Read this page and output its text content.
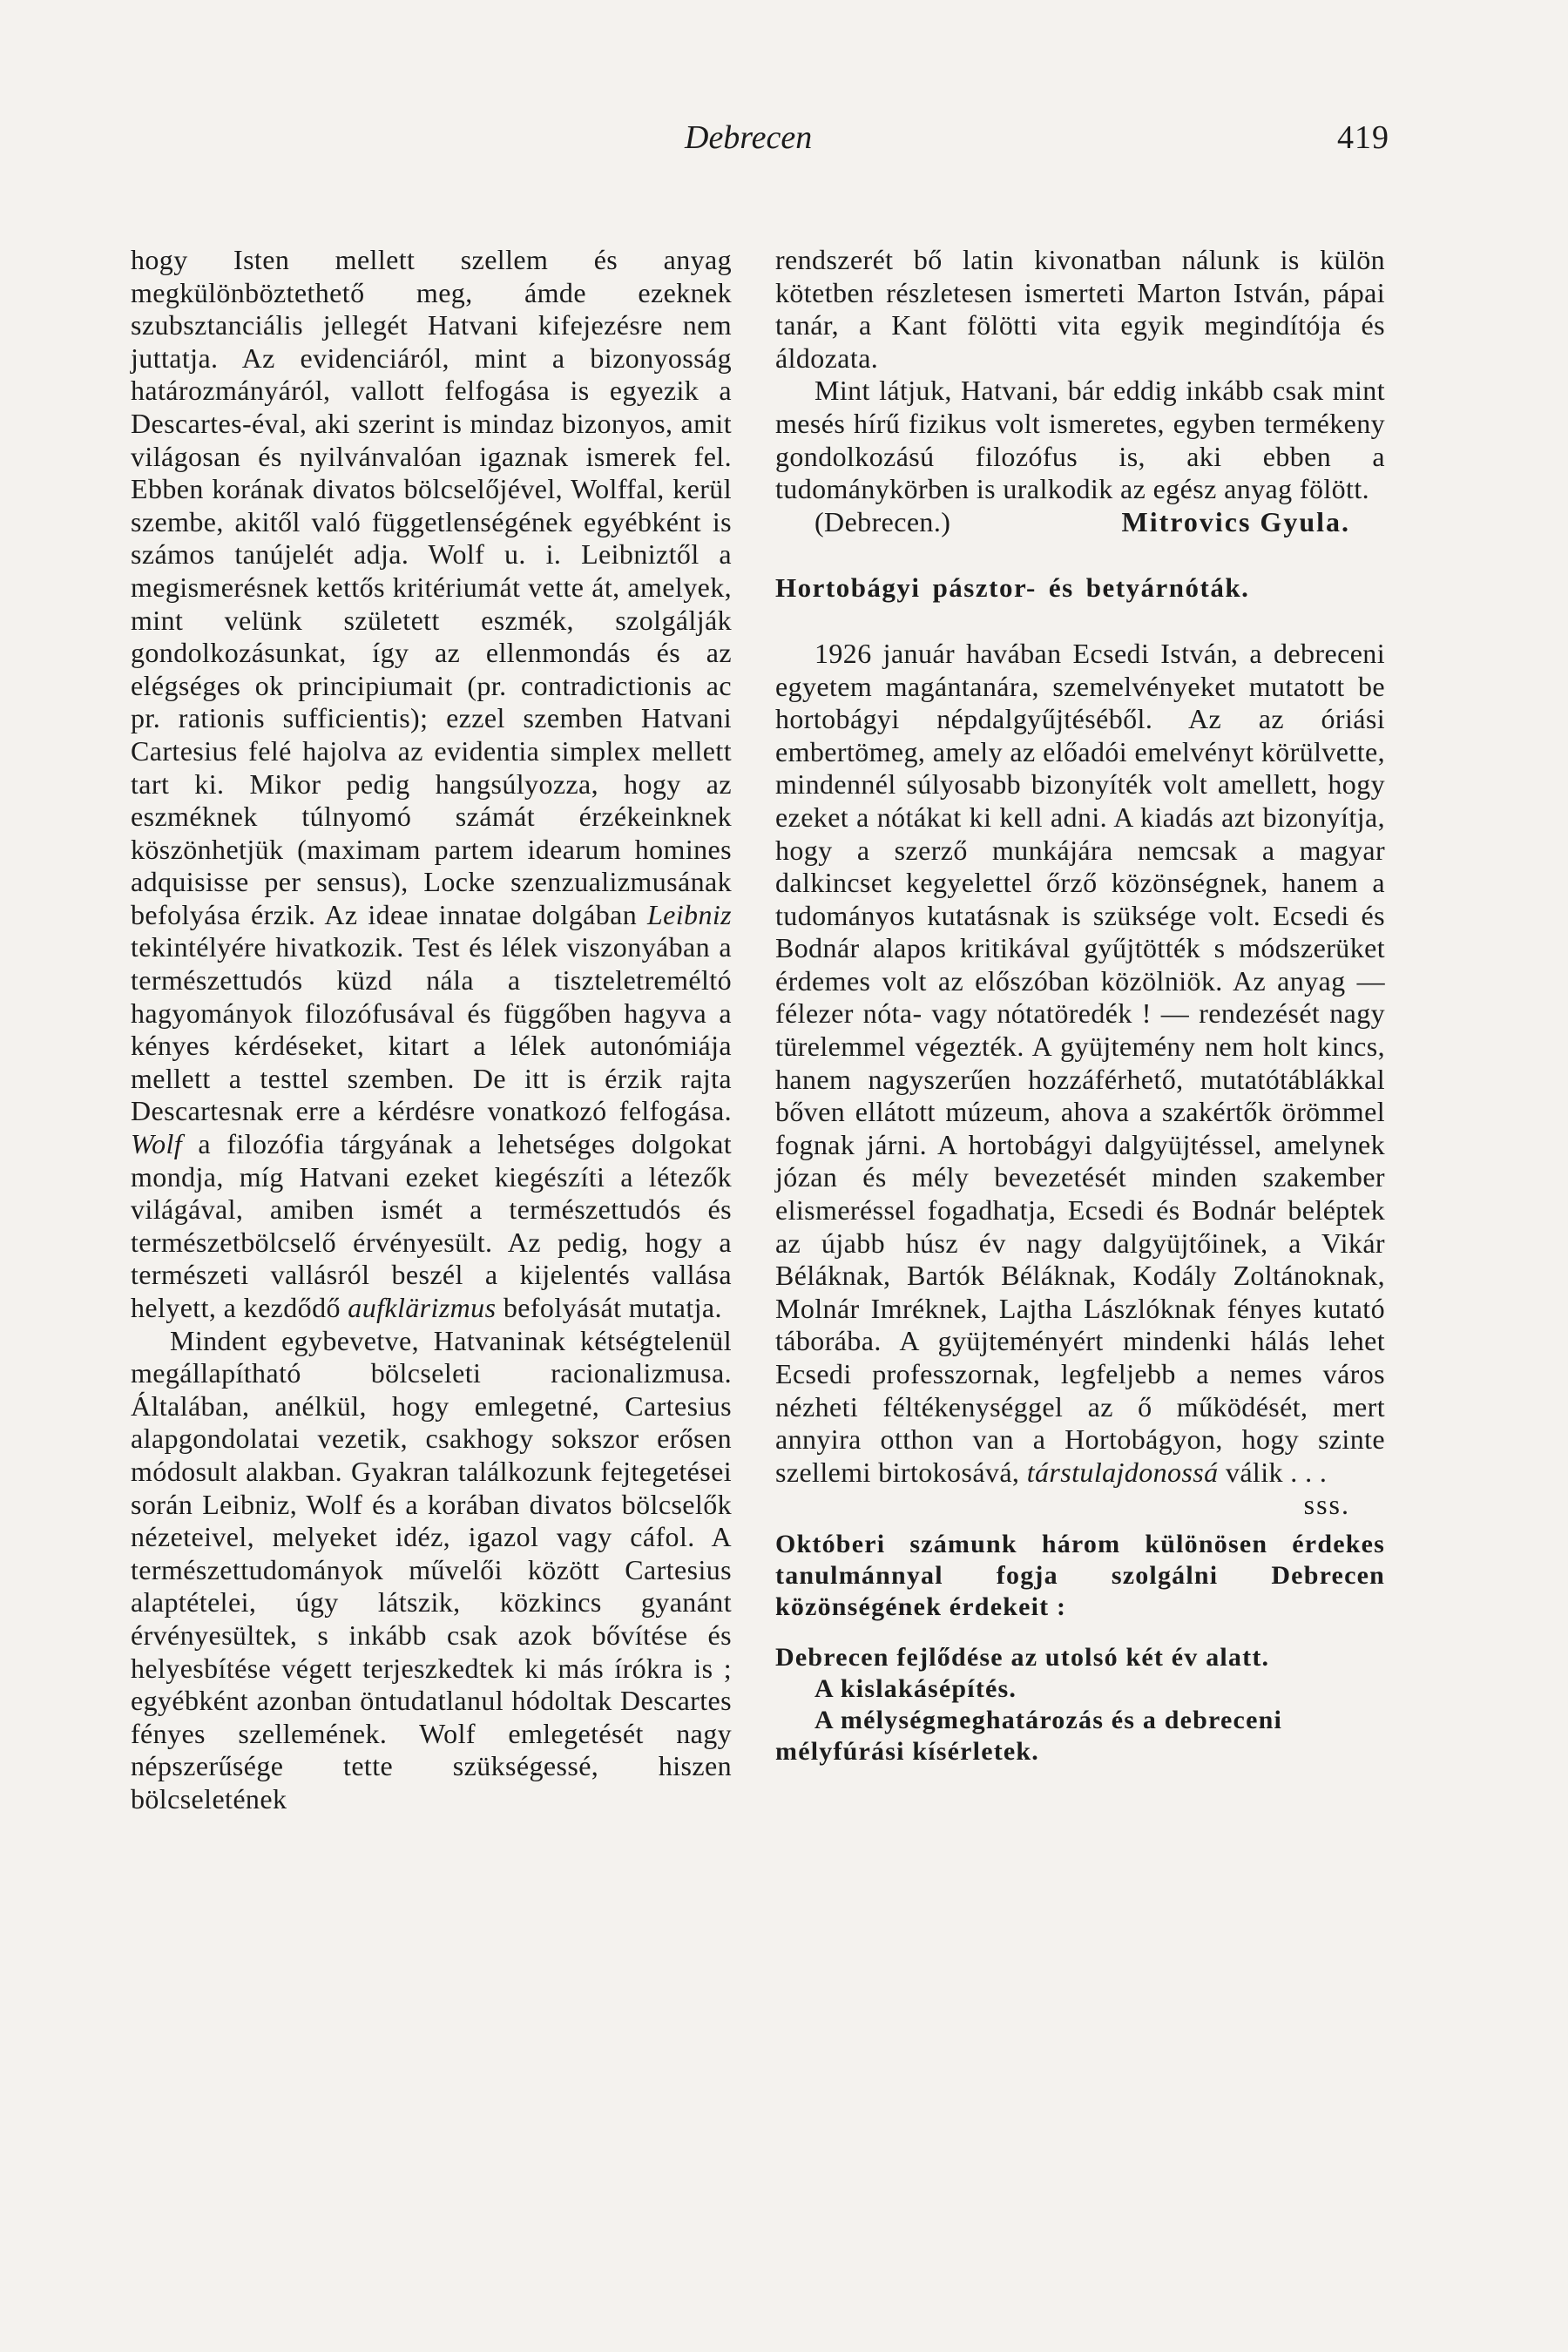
Debrecen	419

hogy Isten mellett szellem és anyag megkülönböztethető meg, ámde ezeknek szubsztanciális jellegét Hatvani kifejezésre nem juttatja. Az evidenciáról, mint a bizonyosság határozmányáról, vallott felfogása is egyezik a Descartes-éval, aki szerint is mindaz bizonyos, amit világosan és nyilvánvalóan igaznak ismerek fel. Ebben korának divatos bölcselőjével, Wolffal, kerül szembe, akitől való függetlenségének egyébként is számos tanújelét adja. Wolf u. i. Leibniztől a megismerésnek kettős kritériumát vette át, amelyek, mint velünk született eszmék, szolgálják gondolkozásunkat, így az ellenmondás és az elégséges ok principiumait (pr. contradictionis ac pr. rationis sufficientis); ezzel szemben Hatvani Cartesius felé hajolva az evidentia simplex mellett tart ki. Mikor pedig hangsúlyozza, hogy az eszméknek túlnyomó számát érzékeinknek köszönhetjük (maximam partem idearum homines adquisisse per sensus), Locke szenzualizmusának befolyása érzik. Az ideae innatae dolgában Leibniz tekintélyére hivatkozik. Test és lélek viszonyában a természettudós küzd nála a tiszteletreméltó hagyományok filozófusával és függőben hagyva a kényes kérdéseket, kitart a lélek autonómiája mellett a testtel szemben. De itt is érzik rajta Descartesnak erre a kérdésre vonatkozó felfogása. Wolf a filozófia tárgyának a lehetséges dolgokat mondja, míg Hatvani ezeket kiegészíti a létezők világával, amiben ismét a természettudós és természetbölcselő érvényesült. Az pedig, hogy a természeti vallásról beszél a kijelentés vallása helyett, a kezdődő aufklärizmus befolyását mutatja.

Mindent egybevetve, Hatvaninak kétségtelenül megállapítható bölcseleti racionalizmusa. Általában, anélkül, hogy emlegetné, Cartesius alapgondolatai vezetik, csakhogy sokszor erősen módosult alakban. Gyakran találkozunk fejtegetései során Leibniz, Wolf és a korában divatos bölcselők nézeteivel, melyeket idéz, igazol vagy cáfol. A természettudományok művelői között Cartesius alaptételei, úgy látszik, közkincs gyanánt érvényesültek, s inkább csak azok bővítése és helyesbítése végett terjeszkedtek ki más írókra is ; egyébként azonban öntudatlanul hódoltak Descartes fényes szellemének. Wolf emlegetését nagy népszerűsége tette szükségessé, hiszen bölcseletének

rendszerét bő latin kivonatban nálunk is külön kötetben részletesen ismerteti Marton István, pápai tanár, a Kant fölötti vita egyik megindítója és áldozata.

Mint látjuk, Hatvani, bár eddig inkább csak mint mesés hírű fizikus volt ismeretes, egyben termékeny gondolkozású filozófus is, aki ebben a tudománykörben is uralkodik az egész anyag fölött.

(Debrecen.)	Mitrovics Gyula.
Hortobágyi pásztor- és betyárnóták.

1926 január havában Ecsedi István, a debreceni egyetem magántanára, szemelvényeket mutatott be hortobágyi népdalgyűjtéséből. Az az óriási embertömeg, amely az előadói emelvényt körülvette, mindennél súlyosabb bizonyíték volt amellett, hogy ezeket a nótákat ki kell adni. A kiadás azt bizonyítja, hogy a szerző munkájára nemcsak a magyar dalkincset kegyelettel őrző közönségnek, hanem a tudományos kutatásnak is szüksége volt. Ecsedi és Bodnár alapos kritikával gyűjtötték s módszerüket érdemes volt az előszóban közölniök. Az anyag — félezer nóta- vagy nótatöredék ! — rendezését nagy türelemmel végezték. A gyüjtemény nem holt kincs, hanem nagyszerűen hozzáférhető, mutatótáblákkal bőven ellátott múzeum, ahova a szakértők örömmel fognak járni. A hortobágyi dalgyüjtéssel, amelynek józan és mély bevezetését minden szakember elismeréssel fogadhatja, Ecsedi és Bodnár beléptek az újabb húsz év nagy dalgyüjtőinek, a Vikár Béláknak, Bartók Béláknak, Kodály Zoltánoknak, Molnár Imréknek, Lajtha Lászlóknak fényes kutató táborába. A gyüjteményért mindenki hálás lehet Ecsedi professzornak, legfeljebb a nemes város nézheti féltékenységgel az ő működését, mert annyira otthon van a Hortobágyon, hogy szinte szellemi birtokosává, társtulajdonossá válik . . .
sss.

Októberi számunk három különösen érdekes tanulmánnyal fogja szolgálni Debrecen közönségének érdekeit :

Debrecen fejlődése az utolsó két év alatt.

A kislakásépítés.

A mélységmeghatározás és a debreceni mélyfúrási kísérletek.
